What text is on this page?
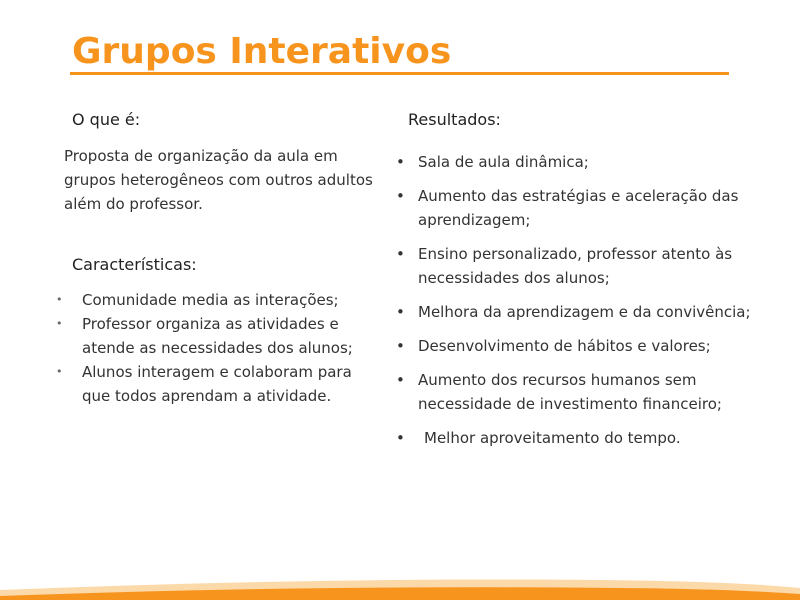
Grupos Interativos
O que é:
Proposta de organização da aula em grupos heterogêneos com outros adultos além do professor.
Características:
• Comunidade media as interações;
• Professor organiza as atividades e atende as necessidades dos alunos;
• Alunos interagem e colaboram para que todos aprendam a atividade.
Resultados:
• Sala de aula dinâmica;
• Aumento das estratégias e aceleração das aprendizagem;
• Ensino personalizado, professor atento às necessidades dos alunos;
• Melhora da aprendizagem e da convivência;
• Desenvolvimento de hábitos e valores;
• Aumento dos recursos humanos sem necessidade de investimento financeiro;
• Melhor aproveitamento do tempo.
